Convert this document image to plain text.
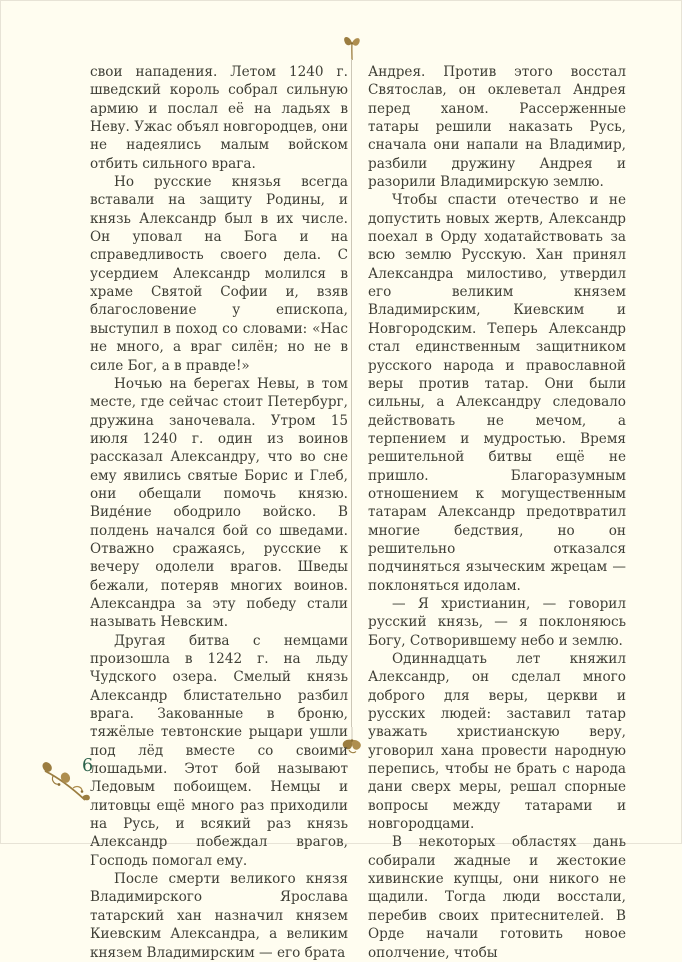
свои нападения. Летом 1240 г. шведский король собрал сильную армию и послал её на ладьях в Неву. Ужас объял новгородцев, они не надеялись малым войском отбить сильного врага.

Но русские князья всегда вставали на защиту Родины, и князь Александр был в их числе. Он уповал на Бога и на справедливость своего дела. С усердием Александр молился в храме Святой Софии и, взяв благословение у епископа, выступил в поход со словами: «Нас не много, а враг силён; но не в силе Бог, а в правде!»

Ночью на берегах Невы, в том месте, где сейчас стоит Петербург, дружина заночевала. Утром 15 июля 1240 г. один из воинов рассказал Александру, что во сне ему явились святые Борис и Глеб, они обещали помочь князю. Виде́ние ободрило войско. В полдень начался бой со шведами. Отважно сражаясь, русские к вечеру одолели врагов. Шведы бежали, потеряв многих воинов. Александра за эту победу стали называть Невским.

Другая битва с немцами произошла в 1242 г. на льду Чудского озера. Смелый князь Александр блистательно разбил врага. Закованные в броню, тяжёлые тевтонские рыцари ушли под лёд вместе со своими лошадьми. Этот бой называют Ледовым побоищем. Немцы и литовцы ещё много раз приходили на Русь, и всякий раз князь Александр побеждал врагов, Господь помогал ему.

После смерти великого князя Владимирского Ярослава татарский хан назначил князем Киевским Александра, а великим князем Владимирским — его брата

Андрея. Против этого восстал Святослав, он оклеветал Андрея перед ханом. Рассерженные татары решили наказать Русь, сначала они напали на Владимир, разбили дружину Андрея и разорили Владимирскую землю.

Чтобы спасти отечество и не допустить новых жертв, Александр поехал в Орду ходатайствовать за всю землю Русскую. Хан принял Александра милостиво, утвердил его великим князем Владимирским, Киевским и Новгородским. Теперь Александр стал единственным защитником русского народа и православной веры против татар. Они были сильны, а Александру следовало действовать не мечом, а терпением и мудростью. Время решительной битвы ещё не пришло. Благоразумным отношением к могущественным татарам Александр предотвратил многие бедствия, но он решительно отказался подчиняться языческим жрецам — поклоняться идолам.

— Я христианин, — говорил русский князь, — я поклоняюсь Богу, Сотворившему небо и землю.

Одиннадцать лет княжил Александр, он сделал много доброго для веры, церкви и русских людей: заставил татар уважать христианскую веру, уговорил хана провести народную перепись, чтобы не брать с народа дани сверх меры, решал спорные вопросы между татарами и новгородцами.

В некоторых областях дань собирали жадные и жестокие хивинские купцы, они никого не щадили. Тогда люди восстали, перебив своих притеснителей. В Орде начали готовить новое ополчение, чтобы

6
